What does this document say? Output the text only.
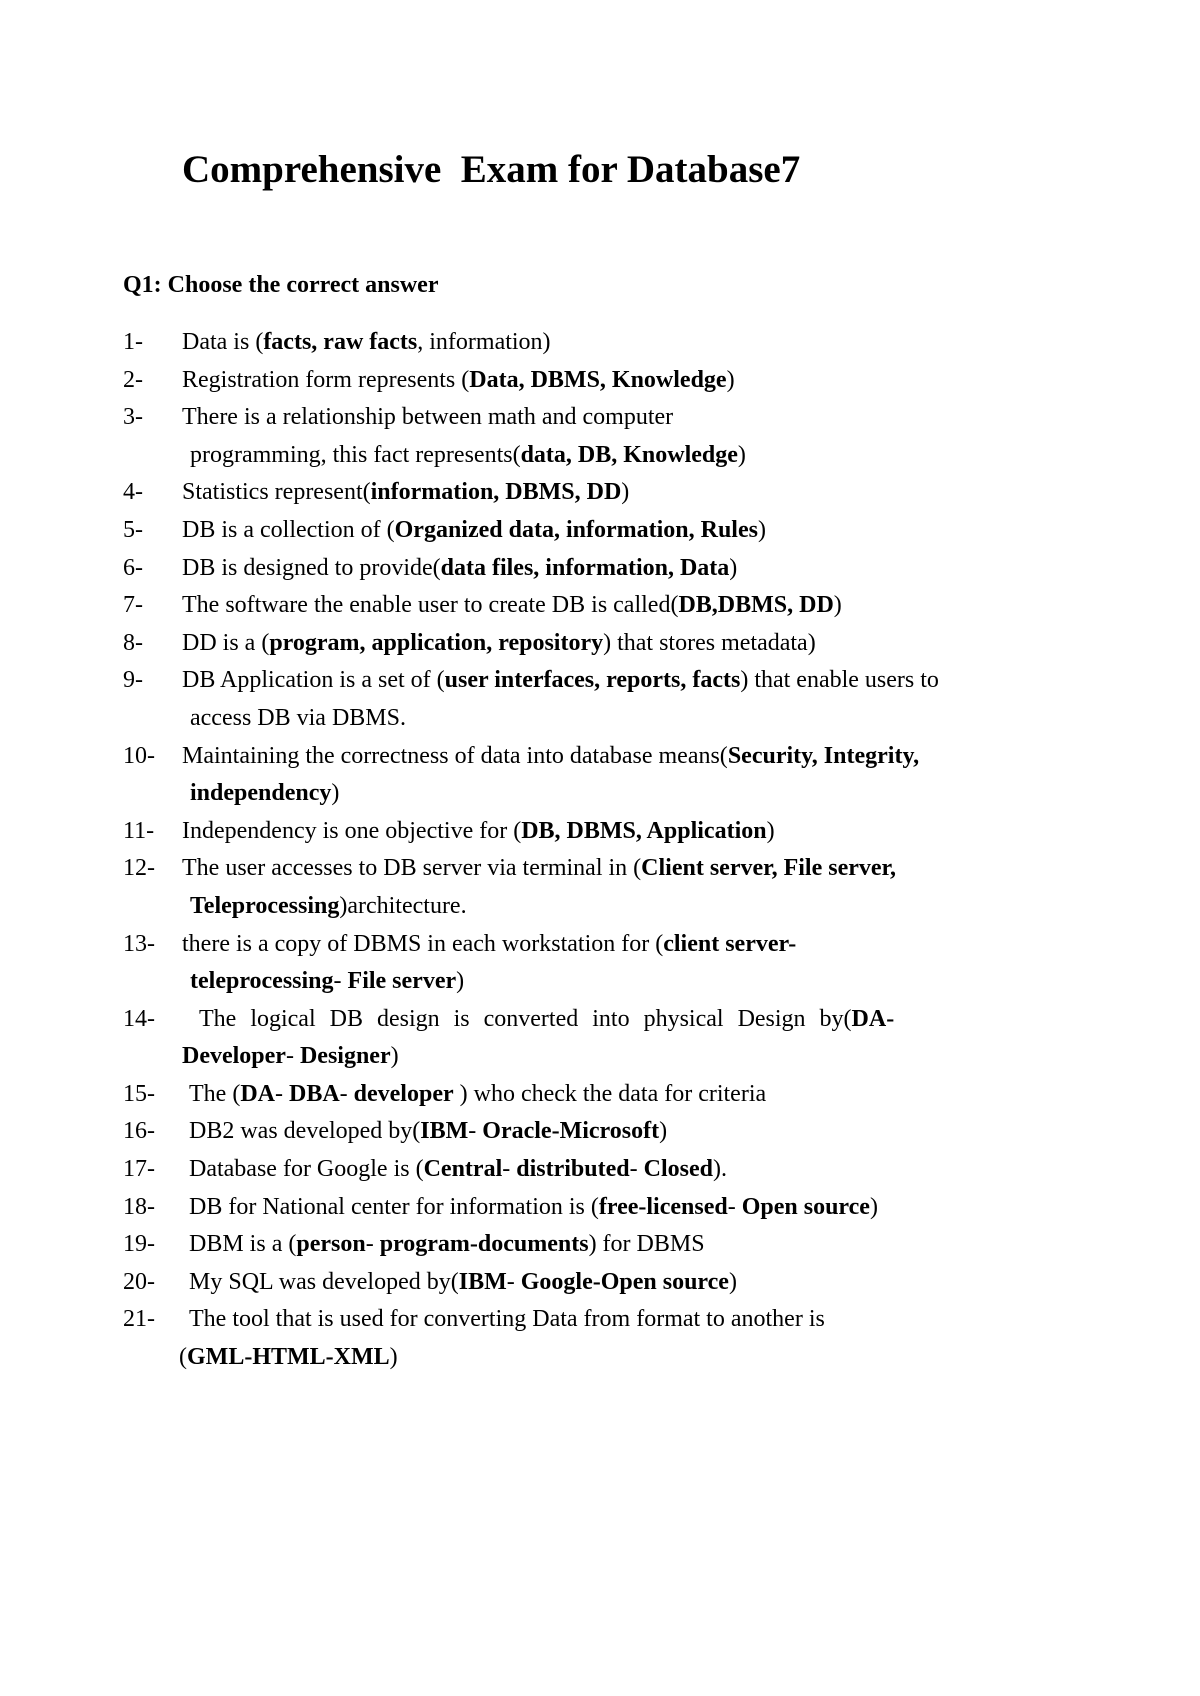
Comprehensive  Exam for Database7
Q1: Choose the correct answer
1- Data is (facts, raw facts, information)
2- Registration form represents (Data, DBMS, Knowledge)
3- There is a relationship between math and computer
programming, this fact represents(data, DB, Knowledge)
4- Statistics represent(information, DBMS, DD)
5- DB is a collection of (Organized data, information, Rules)
6- DB is designed to provide(data files, information, Data)
7- The software the enable user to create DB is called(DB,DBMS, DD)
8- DD is a (program, application, repository) that stores metadata)
9- DB Application is a set of (user interfaces, reports, facts) that enable users to
access DB via DBMS.
10- Maintaining the correctness of data into database means(Security, Integrity,
independency)
11- Independency is one objective for (DB, DBMS, Application)
12- The user accesses to DB server via terminal in (Client server, File server,
Teleprocessing)architecture.
13- there is a copy of DBMS in each workstation for (client server-
teleprocessing- File server)
14-	The logical DB design is converted into physical Design by(DA-
Developer- Designer)
15- The (DA- DBA- developer ) who check the data for criteria
16- DB2 was developed by(IBM- Oracle-Microsoft)
17- Database for Google is (Central- distributed- Closed).
18- DB for National center for information is (free-licensed- Open source)
19- DBM is a (person- program-documents) for DBMS
20- My SQL was developed by(IBM- Google-Open source)
21- The tool that is used for converting Data from format to another is
(GML-HTML-XML)
